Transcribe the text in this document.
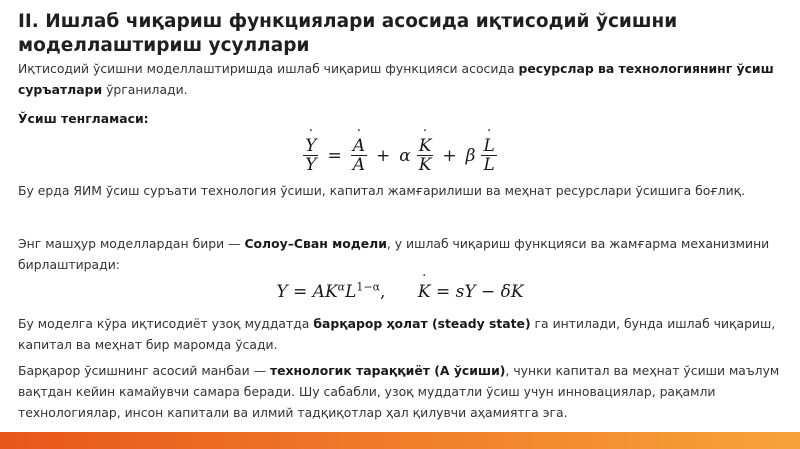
II. Ишлаб чиқариш функциялари асосида иқтисодий ўсишни моделлаштириш усуллари

Иқтисодий ўсишни моделлаштиришда ишлаб чиқариш функцияси асосида ресурслар ва технологиянинг ўсиш суръатлари ўрганилади.

Ўсиш тенгламаси:

˙ $\frac{Y}{Y}$ = ˙ $\frac{A}{A} + \alpha$ ˙ $\frac{K}{K} + \beta$ ˙ $\frac{L}{L}$

Бу ерда ЯИМ ўсиш суръати технология ўсиши, капитал жамғарилиши ва меҳнат ресурслари ўсишига боғлиқ.

Энг машҳур моделлардан бири — Солоу–Сван модели, у ишлаб чиқариш функцияси ва жамғарма механизмини бирлаштиради:

$Y = AK^\alpha L^{1-\alpha}$, ˙ K = sY − δK

Бу моделга кўра иқтисодиёт узоқ муддатда барқарор ҳолат (steady state) га интилади, бунда ишлаб чиқариш, капитал ва меҳнат бир маромда ўсади.

Барқарор ўсишнинг асосий манбаи — технологик тараққиёт (A ўсиши), чунки капитал ва меҳнат ўсиши маълум вақтдан кейин камайувчи самара беради. Шу сабабли, узоқ муддатли ўсиш учун инновациялар, рақамли технологиялар, инсон капитали ва илмий тадқиқотлар ҳал қилувчи аҳамиятга эга.
